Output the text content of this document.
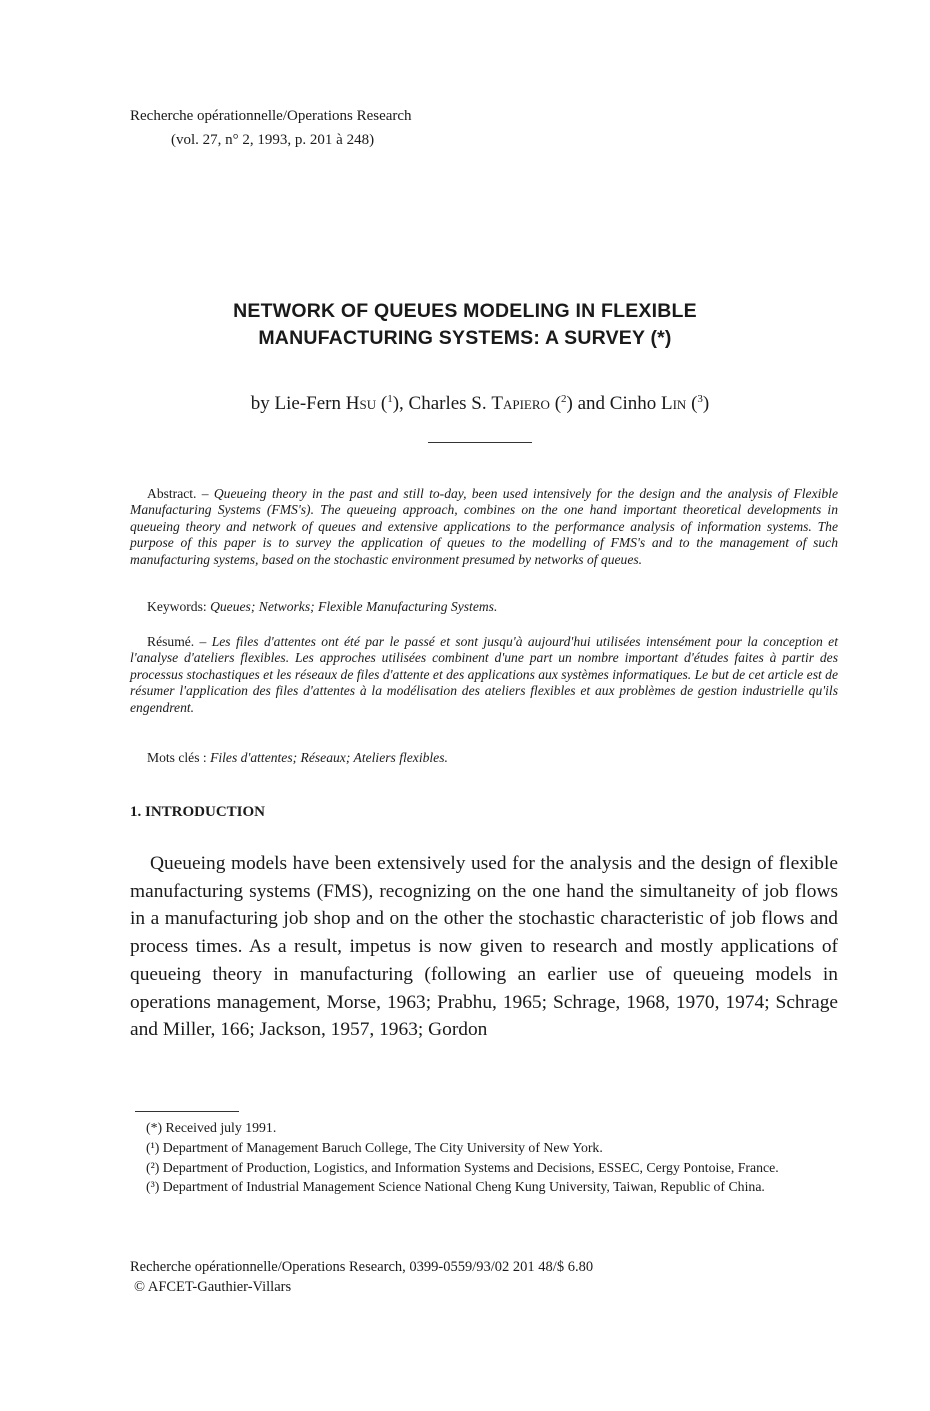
Recherche opérationnelle/Operations Research
(vol. 27, n° 2, 1993, p. 201 à 248)
NETWORK OF QUEUES MODELING IN FLEXIBLE
MANUFACTURING SYSTEMS: A SURVEY (*)
by Lie-Fern Hsu ($^1$), Charles S. Tapiero ($^2$) and Cinho Lin ($^3$)
Abstract. – Queueing theory in the past and still to-day, been used intensively for the design and the analysis of Flexible Manufacturing Systems (FMS's). The queueing approach, combines on the one hand important theoretical developments in queueing theory and network of queues and extensive applications to the performance analysis of information systems. The purpose of this paper is to survey the application of queues to the modelling of FMS's and to the management of such manufacturing systems, based on the stochastic environment presumed by networks of queues.
Keywords: Queues; Networks; Flexible Manufacturing Systems.
Résumé. – Les files d'attentes ont été par le passé et sont jusqu'à aujourd'hui utilisées intensément pour la conception et l'analyse d'ateliers flexibles. Les approches utilisées combinent d'une part un nombre important d'études faites à partir des processus stochastiques et les réseaux de files d'attente et des applications aux systèmes informatiques. Le but de cet article est de résumer l'application des files d'attentes à la modélisation des ateliers flexibles et aux problèmes de gestion industrielle qu'ils engendrent.
Mots clés : Files d'attentes; Réseaux; Ateliers flexibles.
1. INTRODUCTION

Queueing models have been extensively used for the analysis and the design of flexible manufacturing systems (FMS), recognizing on the one hand the simultaneity of job flows in a manufacturing job shop and on the other the stochastic characteristic of job flows and process times. As a result, impetus is now given to research and mostly applications of queueing theory in manufacturing (following an earlier use of queueing models in operations management, Morse, 1963; Prabhu, 1965; Schrage, 1968, 1970, 1974; Schrage and Miller, 166; Jackson, 1957, 1963; Gordon

(*) Received july 1991.

(¹) Department of Management Baruch College, The City University of New York.

(²) Department of Production, Logistics, and Information Systems and Decisions, ESSEC, Cergy Pontoise, France.

(³) Department of Industrial Management Science National Cheng Kung University, Taiwan, Republic of China.

Recherche opérationnelle/Operations Research, 0399-0559/93/02 201 48/$ 6.80
© AFCET-Gauthier-Villars
